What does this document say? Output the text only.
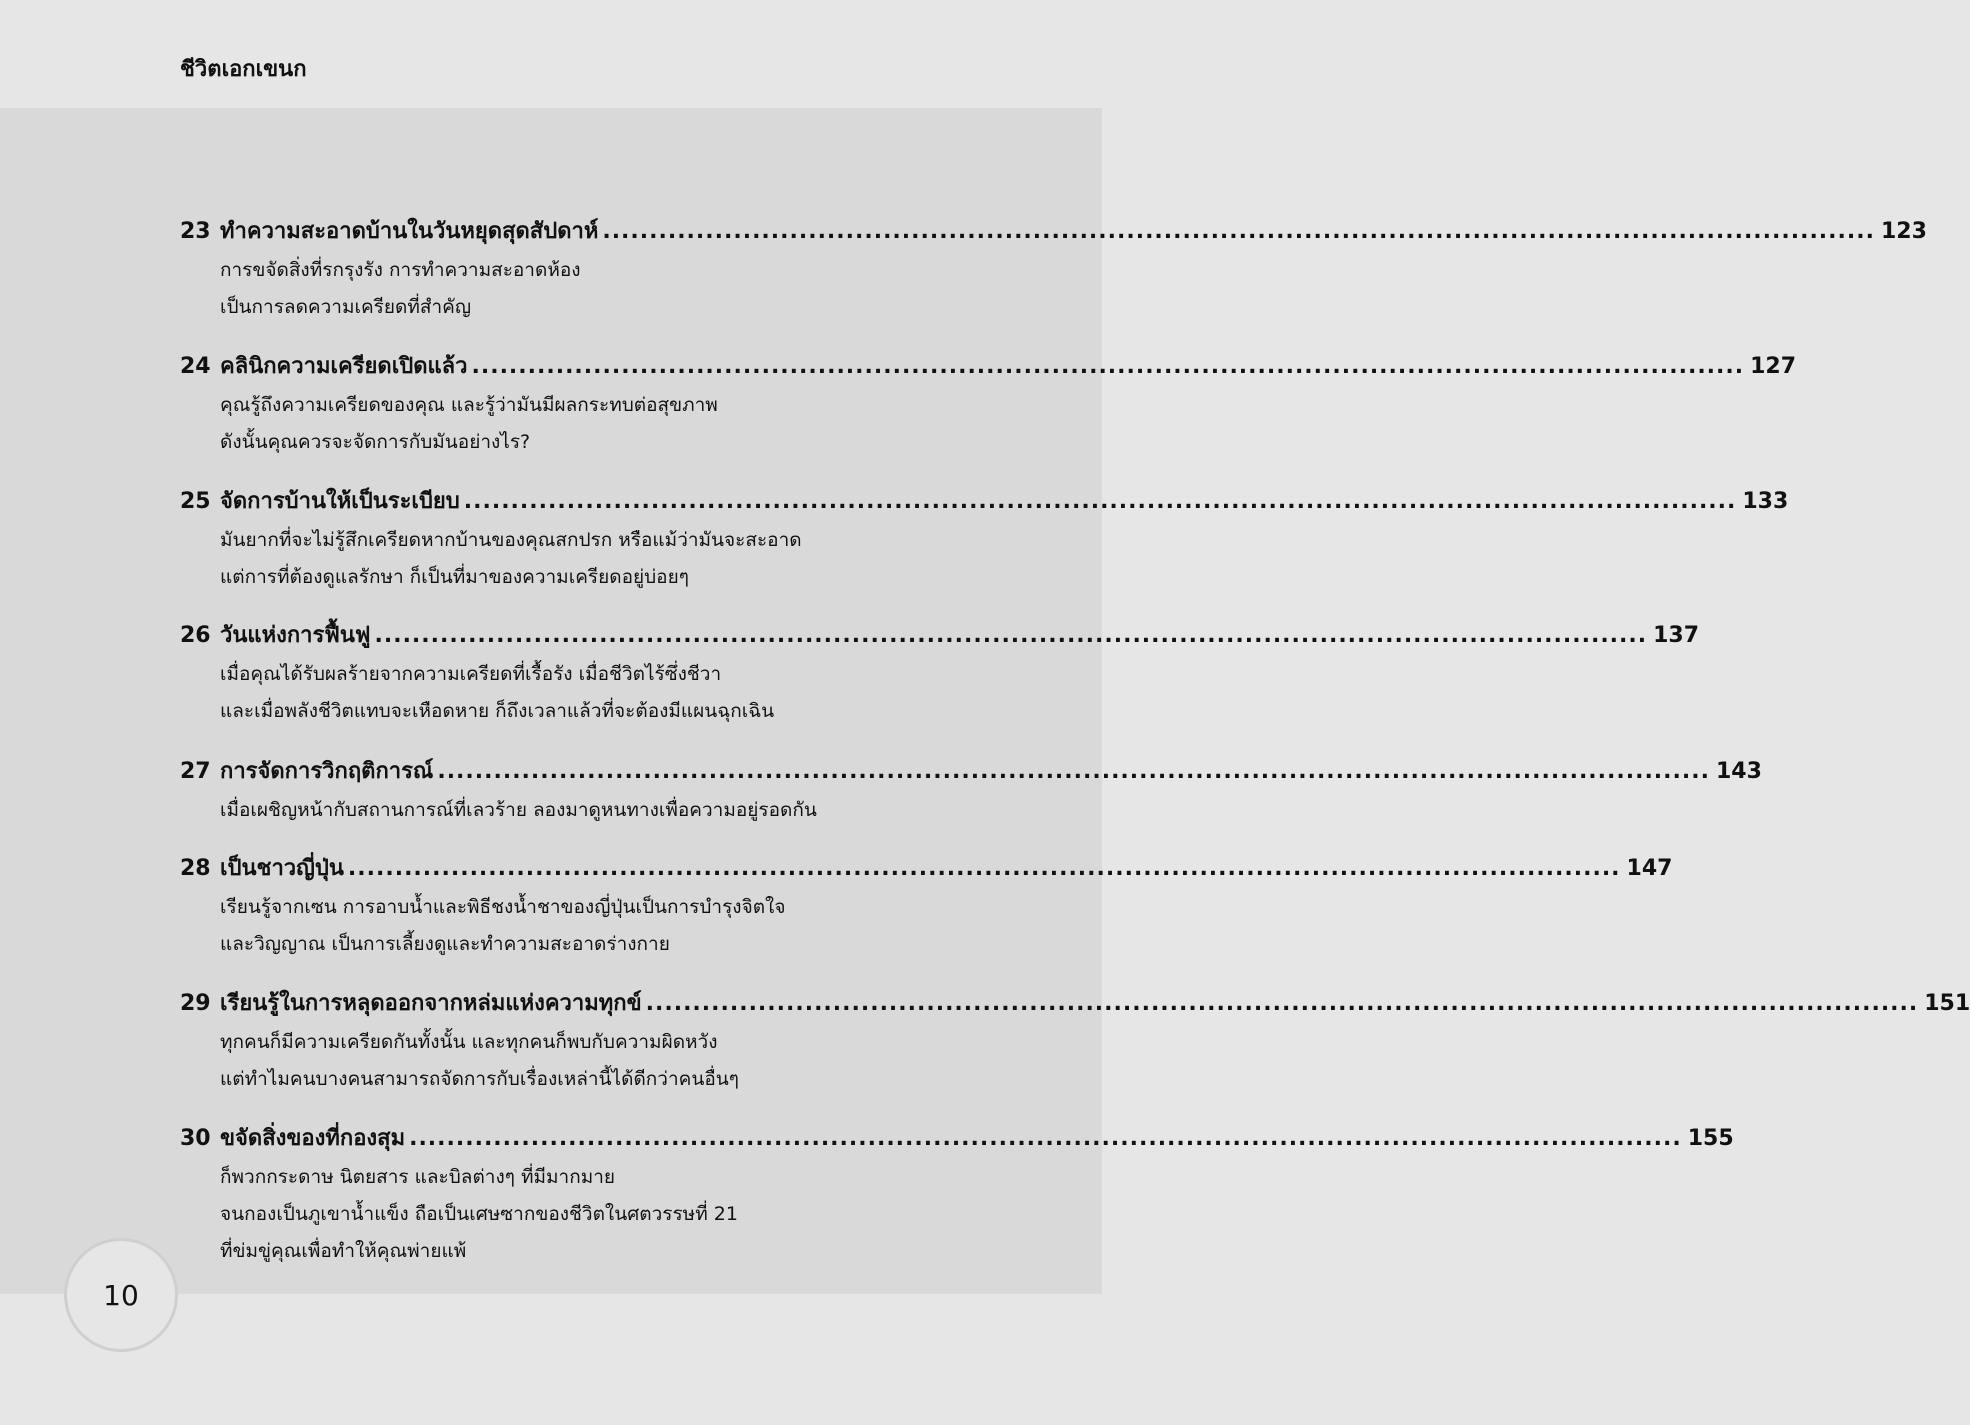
ชีวิตเอกเขนก
23 ทำความสะอาดบ้านในวันหยุดสุดสัปดาห์ ........................................................................................................................................ 123
การขจัดสิ่งที่รกรุงรัง การทำความสะอาดห้อง
เป็นการลดความเครียดที่สำคัญ
24 คลินิกความเครียดเปิดแล้ว ........................................................................................................................................ 127
คุณรู้ถึงความเครียดของคุณ และรู้ว่ามันมีผลกระทบต่อสุขภาพ
ดังนั้นคุณควรจะจัดการกับมันอย่างไร?
25 จัดการบ้านให้เป็นระเบียบ ........................................................................................................................................ 133
มันยากที่จะไม่รู้สึกเครียดหากบ้านของคุณสกปรก หรือแม้ว่ามันจะสะอาด
แต่การที่ต้องดูแลรักษา ก็เป็นที่มาของความเครียดอยู่บ่อยๆ
26 วันแห่งการฟื้นฟู ........................................................................................................................................ 137
เมื่อคุณได้รับผลร้ายจากความเครียดที่เรื้อรัง เมื่อชีวิตไร้ซึ่งชีวา
และเมื่อพลังชีวิตแทบจะเหือดหาย ก็ถึงเวลาแล้วที่จะต้องมีแผนฉุกเฉิน
27 การจัดการวิกฤติการณ์ ........................................................................................................................................ 143
เมื่อเผชิญหน้ากับสถานการณ์ที่เลวร้าย ลองมาดูหนทางเพื่อความอยู่รอดกัน
28 เป็นชาวญี่ปุ่น ........................................................................................................................................ 147
เรียนรู้จากเซน การอาบน้ำและพิธีชงน้ำชาของญี่ปุ่นเป็นการบำรุงจิตใจ
และวิญญาณ เป็นการเลี้ยงดูและทำความสะอาดร่างกาย
29 เรียนรู้ในการหลุดออกจากหล่มแห่งความทุกข์ ........................................................................................................................................ 151
ทุกคนก็มีความเครียดกันทั้งนั้น และทุกคนก็พบกับความผิดหวัง
แต่ทำไมคนบางคนสามารถจัดการกับเรื่องเหล่านี้ได้ดีกว่าคนอื่นๆ
30 ขจัดสิ่งของที่กองสุม ........................................................................................................................................ 155
ก็พวกกระดาษ นิตยสาร และบิลต่างๆ ที่มีมากมาย
จนกองเป็นภูเขาน้ำแข็ง ถือเป็นเศษซากของชีวิตในศตวรรษที่ 21
ที่ข่มขู่คุณเพื่อทำให้คุณพ่ายแพ้
10
